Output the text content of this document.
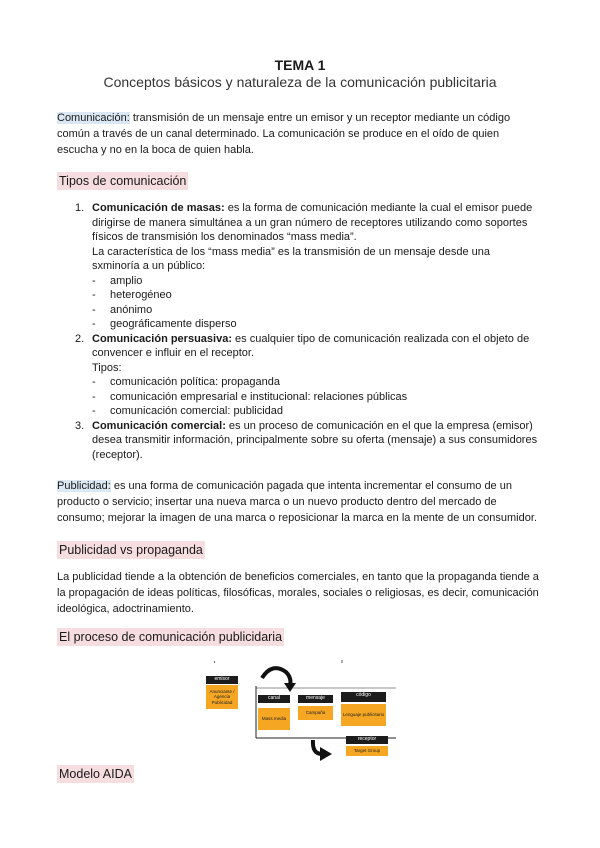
TEMA 1
Conceptos básicos y naturaleza de la comunicación publicitaria
Comunicación: transmisión de un mensaje entre un emisor y un receptor mediante un código
común a través de un canal determinado. La comunicación se produce en el oído de quien
escucha y no en la boca de quien habla.
Tipos de comunicación
1. Comunicación de masas: es la forma de comunicación mediante la cual el emisor puede
dirigirse de manera simultánea a un gran número de receptores utilizando como soportes
físicos de transmisión los denominados “mass media”.
La característica de los “mass media” es la transmisión de un mensaje desde una
sxminoría a un público:
- amplio
- heterogéneo
- anónimo
- geográficamente disperso
2. Comunicación persuasiva: es cualquier tipo de comunicación realizada con el objeto de
convencer e influir en el receptor.
Tipos:
- comunicación política: propaganda
- comunicación empresarial e institucional: relaciones públicas
- comunicación comercial: publicidad
3. Comunicación comercial: es un proceso de comunicación en el que la empresa (emisor)
desea transmitir información, principalmente sobre su oferta (mensaje) a sus consumidores
(receptor).
Publicidad: es una forma de comunicación pagada que intenta incrementar el consumo de un
producto o servicio; insertar una nueva marca o un nuevo producto dentro del mercado de
consumo; mejorar la imagen de una marca o reposicionar la marca en la mente de un consumidor.
Publicidad vs propaganda
La publicidad tiende a la obtención de beneficios comerciales, en tanto que la propaganda tiende a
la propagación de ideas políticas, filosóficas, morales, sociales o religiosas, es decir, comunicación
ideológica, adoctrinamiento.
El proceso de comunicación publicidaria
emisor
Anunciante / Agencia Publicidad
canal
Mass media
mensaje
Campaña
código
Lenguaje publicitario
receptor
Target Group
Modelo AIDA
